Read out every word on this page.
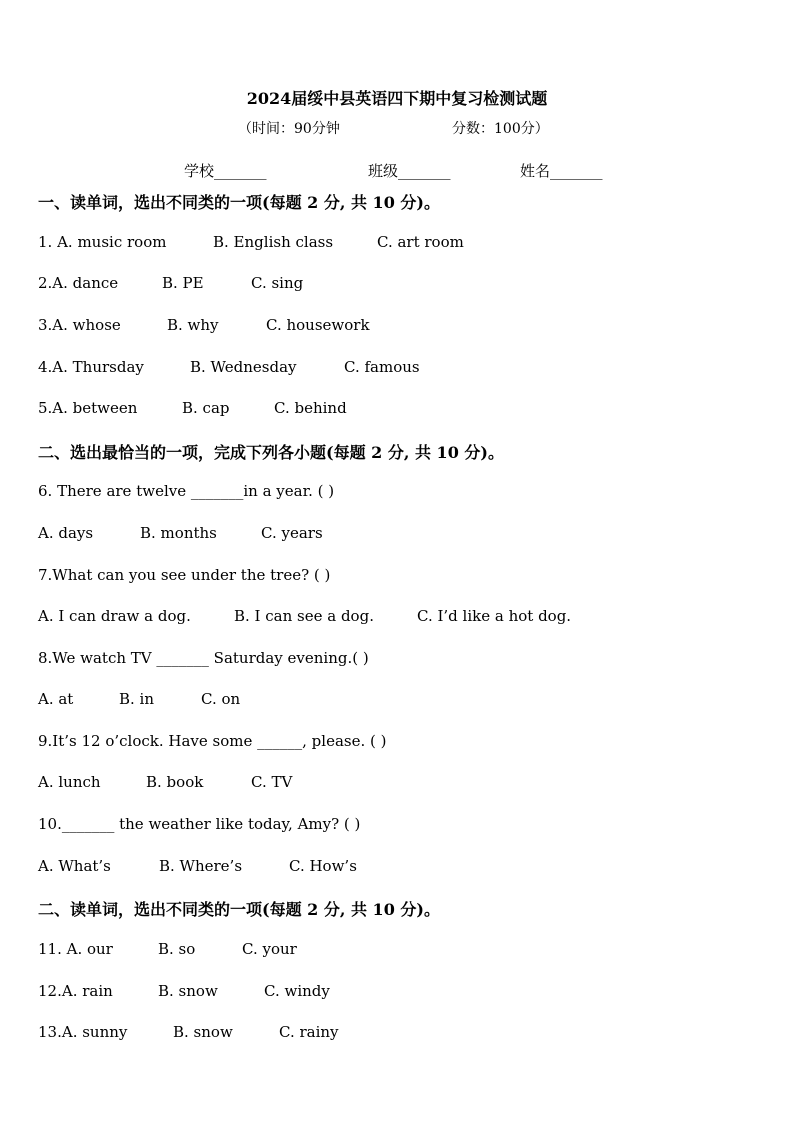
2024届绥中县英语四下期中复习检测试题
（时间：90分钟	分数：100分）
学校_______	班级_______	姓名_______
一、读单词，选出不同类的一项(每题 2 分, 共 10 分)。
1. A. music room	B. English class	C. art room
2.A. dance	B. PE	C. sing
3.A. whose	B. why	C. housework
4.A. Thursday	B. Wednesday	C. famous
5.A. between	B. cap	C. behind
二、选出最恰当的一项，完成下列各小题(每题 2 分, 共 10 分)。
6. There are twelve _______in a year. ( )
A. days	B. months	C. years
7.What can you see under the tree? ( )
A. I can draw a dog.	B. I can see a dog.	C. I’d like a hot dog.
8.We watch TV _______ Saturday evening.( )
A. at	B. in	C. on
9.It’s 12 o’clock. Have some ______, please. ( )
A. lunch	B. book	C. TV
10._______ the weather like today, Amy? ( )
A. What’s	B. Where’s	C. How’s
二、读单词，选出不同类的一项(每题 2 分, 共 10 分)。
11. A. our	B. so	C. your
12.A. rain	B. snow	C. windy
13.A. sunny	B. snow	C. rainy
